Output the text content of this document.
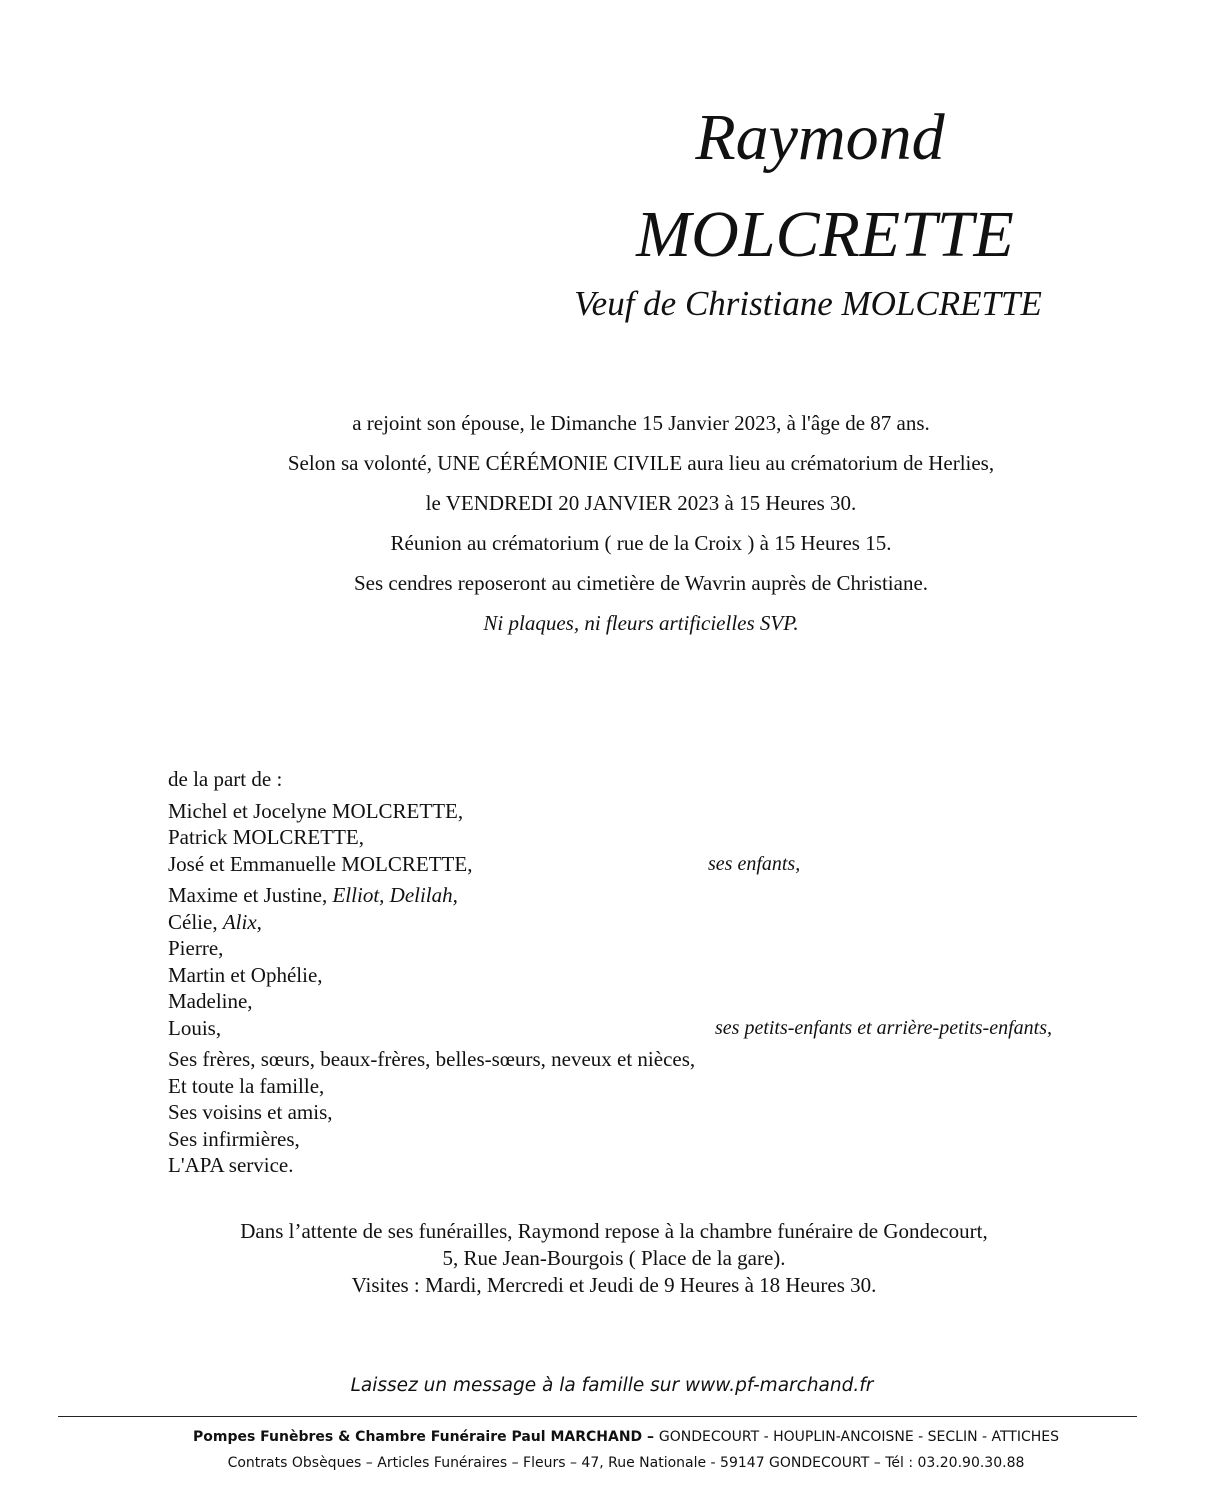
Raymond
MOLCRETTE
Veuf de Christiane MOLCRETTE
a rejoint son épouse, le Dimanche 15 Janvier 2023, à l'âge de 87 ans.
Selon sa volonté, UNE CÉRÉMONIE CIVILE aura lieu au crématorium de Herlies,
le VENDREDI 20 JANVIER 2023 à 15 Heures 30.
Réunion au crématorium ( rue de la Croix ) à 15 Heures 15.
Ses cendres reposeront au cimetière de Wavrin auprès de Christiane.
Ni plaques, ni fleurs artificielles SVP.
de la part de :
Michel et Jocelyne MOLCRETTE,
Patrick MOLCRETTE,
José et Emmanuelle MOLCRETTE,	ses enfants,
Maxime et Justine, Elliot, Delilah,
Célie, Alix,
Pierre,
Martin et Ophélie,
Madeline,
Louis,	ses petits-enfants et arrière-petits-enfants,
Ses frères, sœurs, beaux-frères, belles-sœurs, neveux et nièces,
Et toute la famille,
Ses voisins et amis,
Ses infirmières,
L'APA service.
Dans l’attente de ses funérailles, Raymond repose à la chambre funéraire de Gondecourt,
5, Rue Jean-Bourgois ( Place de la gare).
Visites : Mardi, Mercredi et Jeudi de 9 Heures à 18 Heures 30.
Laissez un message à la famille sur www.pf-marchand.fr
Pompes Funèbres & Chambre Funéraire Paul MARCHAND – GONDECOURT - HOUPLIN-ANCOISNE - SECLIN - ATTICHES
Contrats Obsèques – Articles Funéraires – Fleurs – 47, Rue Nationale - 59147 GONDECOURT – Tél : 03.20.90.30.88
